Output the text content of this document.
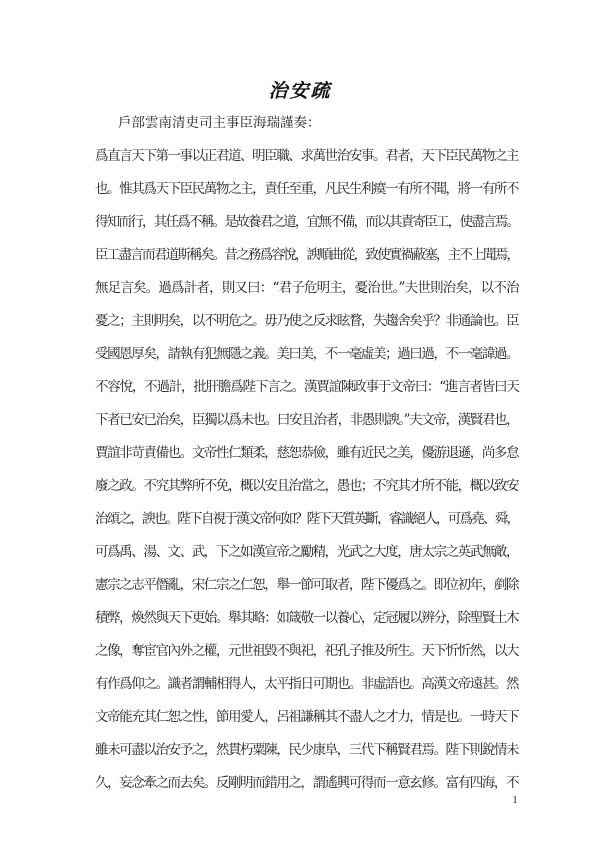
治安疏
戶部雲南清吏司主事臣海瑞謹奏：
爲直言天下第一事以正君道、明臣職、求萬世治安事。君者，天下臣民萬物之主
也。惟其爲天下臣民萬物之主，責任至重，凡民生利瘼一有所不聞，將一有所不
得知而行，其任爲不稱。是故養君之道，宜無不備，而以其責寄臣工，使盡言焉。
臣工盡言而君道斯稱矣。昔之務爲容悅，諛順曲從，致使實禍蔽塞，主不上聞焉，
無足言矣。過爲計者，則又曰：“君子危明主，憂治世。”夫世則治矣，以不治
憂之；主則明矣，以不明危之。毋乃使之反求眩瞀，失趨舍矣乎？非通論也。臣
受國恩厚矣，請執有犯無隱之義。美曰美，不一毫虛美；過曰過，不一毫諱過。
不容悅，不過計，批肝膽爲陛下言之。漢賈誼陳政事于文帝曰：“進言者皆曰天
下者已安已治矣，臣獨以爲未也。曰安且治者，非愚則諛。”夫文帝，漢賢君也，
賈誼非苛責備也。文帝性仁類柔，慈恕恭儉，雖有近民之美，優游退遜，尚多怠
廢之政。不究其弊所不免，概以安且治當之，愚也；不究其才所不能，概以致安
治頌之，諛也。陛下自視于漢文帝何如？陛下天質英斷，睿識絕人，可爲堯、舜，
可爲禹、湯、文、武，下之如漢宣帝之勵精，光武之大度，唐太宗之英武無敵，
憲宗之志平僭亂，宋仁宗之仁恕，舉一節可取者，陛下優爲之。即位初年，剷除
積弊，煥然與天下更始。舉其略：如箴敬一以養心，定冠履以辨分，除聖賢土木
之像，奪宦官內外之權，元世祖毀不與祀，祀孔子推及所生。天下忻忻然，以大
有作爲仰之。識者謂輔相得人，太平指日可期也。非虛語也。高漢文帝遠甚。然
文帝能充其仁恕之性，節用愛人，呂祖謙稱其不盡人之才力，情是也。一時天下
雖未可盡以治安予之，然貫朽粟陳，民少康阜，三代下稱賢君焉。陛下則銳情未
久，妄念牽之而去矣。反剛明而錯用之，謂遙興可得而一意玄修。富有四海，不
1
